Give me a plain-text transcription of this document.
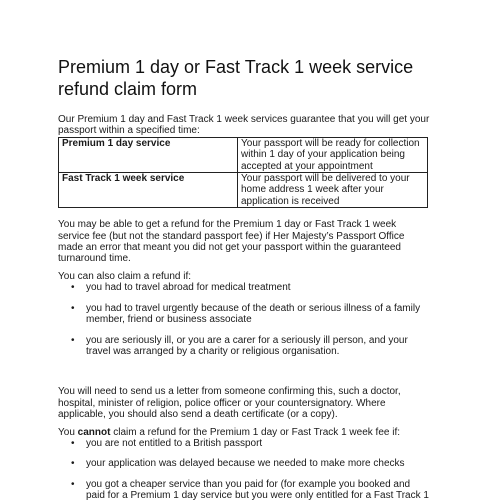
Premium 1 day or Fast Track 1 week service refund claim form

Our Premium 1 day and Fast Track 1 week services guarantee that you will get your passport within a specified time:

Premium 1 day service	Your passport will be ready for collection within 1 day of your application being accepted at your appointment
Fast Track 1 week service	Your passport will be delivered to your home address 1 week after your application is received

You may be able to get a refund for the Premium 1 day or Fast Track 1 week service fee (but not the standard passport fee) if Her Majesty’s Passport Office made an error that meant you did not get your passport within the guaranteed turnaround time.

You can also claim a refund if:

• you had to travel abroad for medical treatment
• you had to travel urgently because of the death or serious illness of a family member, friend or business associate
• you are seriously ill, or you are a carer for a seriously ill person, and your travel was arranged by a charity or religious organisation.

You will need to send us a letter from someone confirming this, such a doctor, hospital, minister of religion, police officer or your countersignatory. Where applicable, you should also send a death certificate (or a copy).

You cannot claim a refund for the Premium 1 day or Fast Track 1 week fee if:

• you are not entitled to a British passport
• your application was delayed because we needed to make more checks
• you got a cheaper service than you paid for (for example you booked and paid for a Premium 1 day service but you were only entitled for a Fast Track 1
